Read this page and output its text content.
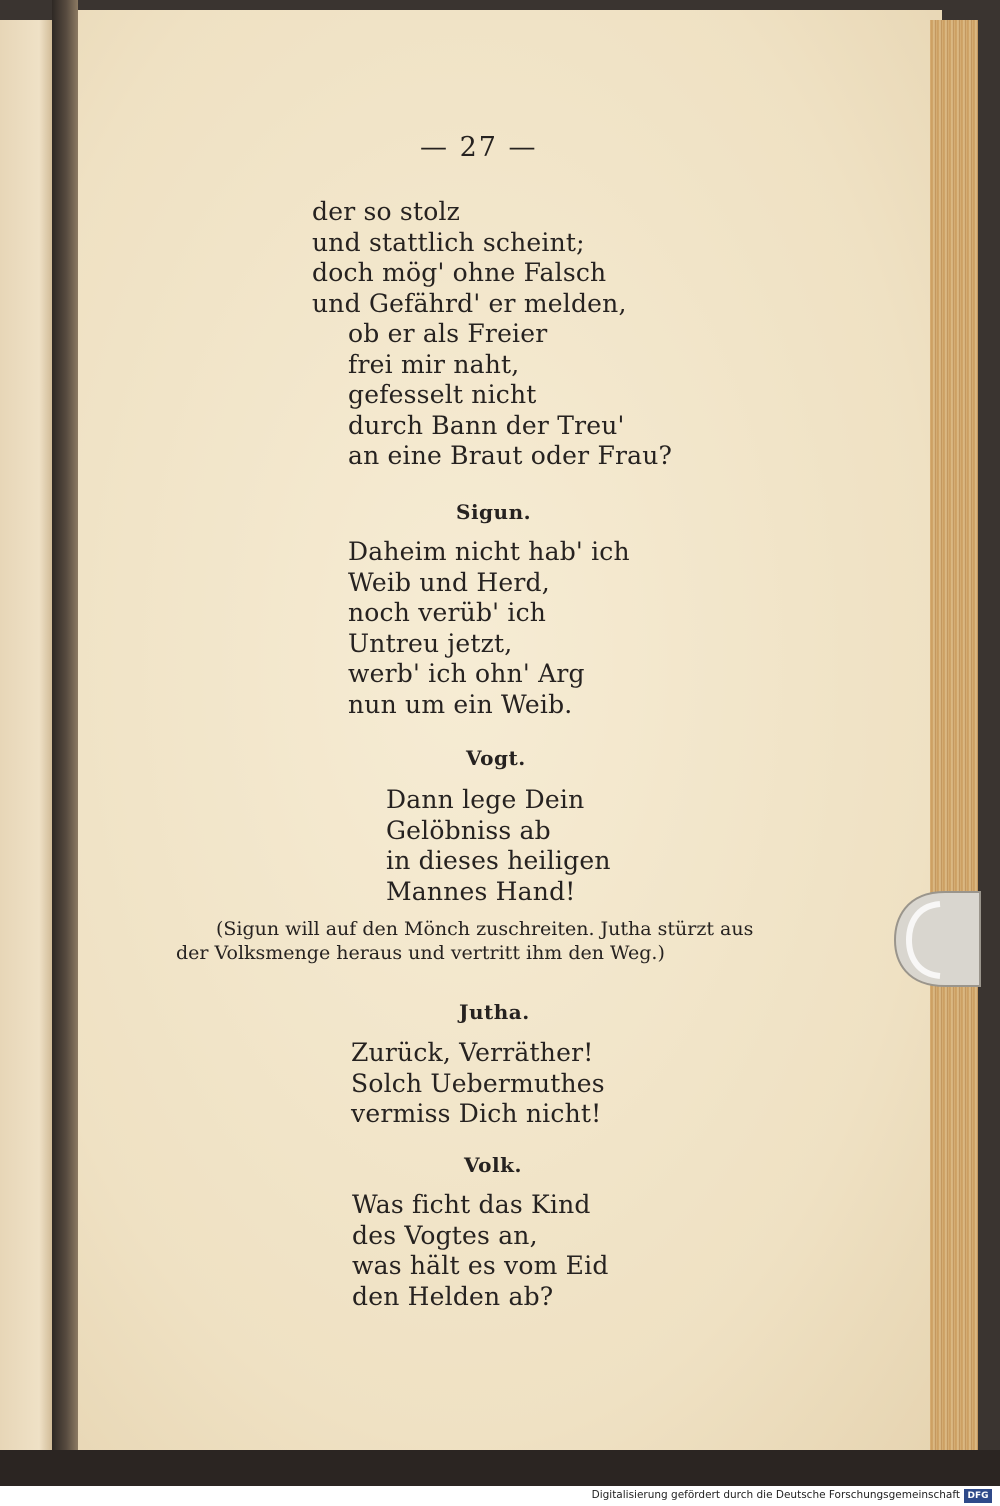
— 27 —
der so stolz
und stattlich scheint;
doch mög' ohne Falsch
und Gefährd' er melden,
ob er als Freier
frei mir naht,
gefesselt nicht
durch Bann der Treu'
an eine Braut oder Frau?
Sigun.
Daheim nicht hab' ich
Weib und Herd,
noch verüb' ich
Untreu jetzt,
werb' ich ohn' Arg
nun um ein Weib.
Vogt.
Dann lege Dein
Gelöbniss ab
in dieses heiligen
Mannes Hand!
(Sigun will auf den Mönch zuschreiten. Jutha stürzt aus
der Volksmenge heraus und vertritt ihm den Weg.)
Jutha.
Zurück, Verräther!
Solch Uebermuthes
vermiss Dich nicht!
Volk.
Was ficht das Kind
des Vogtes an,
was hält es vom Eid
den Helden ab?
Digitalisierung gefördert durch die Deutsche Forschungsgemeinschaft DFG
